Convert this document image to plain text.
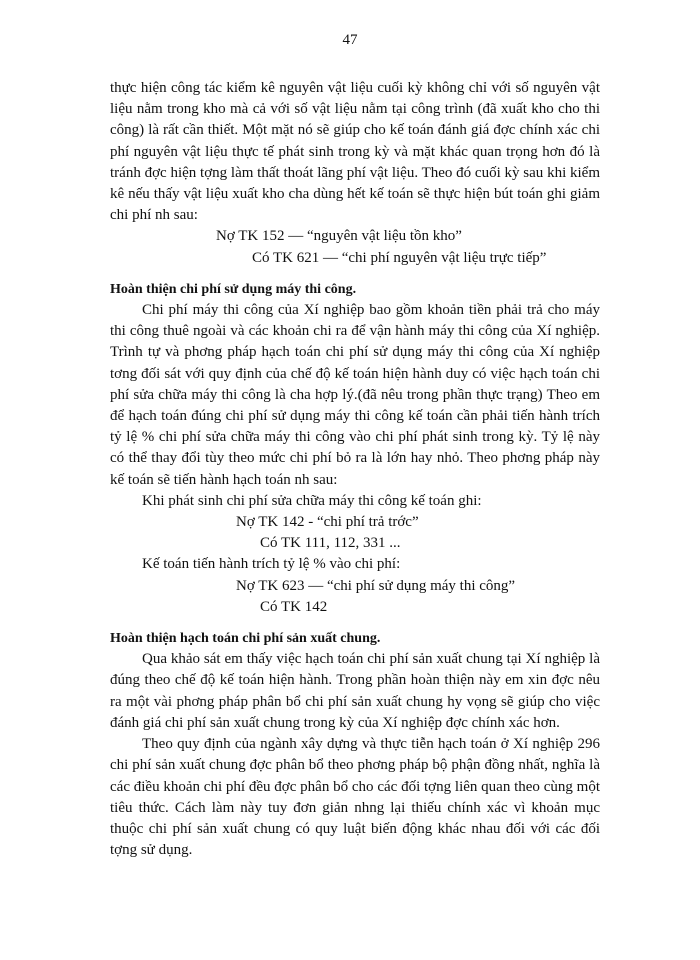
47

thực hiện công tác kiểm kê nguyên vật liệu cuối kỳ không chỉ với số nguyên vật liệu nằm trong kho mà cả với số vật liệu nằm tại công trình (đã xuất kho cho thi công) là rất cần thiết. Một mặt nó sẽ giúp cho kế toán đánh giá đợc chính xác chi phí nguyên vật liệu thực tế phát sinh trong kỳ và mặt khác quan trọng hơn đó là tránh đợc hiện tợng làm thất thoát lãng phí vật liệu. Theo đó cuối kỳ sau khi kiểm kê nếu thấy vật liệu xuất kho cha dùng hết kế toán sẽ thực hiện bút toán ghi giảm chi phí nh sau:

Nợ TK 152 — “nguyên vật liệu tồn kho”

Có TK 621 — “chi phí nguyên vật liệu trực tiếp”

Hoàn thiện chi phí sử dụng máy thi công.

Chi phí máy thi công của Xí nghiệp bao gồm khoản tiền phải trả cho máy thi công thuê ngoài và các khoản chi ra để vận hành máy thi công của Xí nghiệp. Trình tự và phơng pháp hạch toán chi phí sử dụng máy thi công của Xí nghiệp tơng đối sát với quy định của chế độ kế toán hiện hành duy có việc hạch toán chi phí sửa chữa máy thi công là cha hợp lý.(đã nêu trong phần thực trạng) Theo em để hạch toán đúng chi phí sử dụng máy thi công kế toán cần phải tiến hành trích tỷ lệ % chi phí sửa chữa máy thi công vào chi phí phát sinh trong kỳ. Tỷ lệ này có thể thay đổi tùy theo mức chi phí bỏ ra là lớn hay nhỏ. Theo phơng pháp này kế toán sẽ tiến hành hạch toán nh sau:

Khi phát sinh chi phí sửa chữa máy thi công kế toán ghi:

Nợ TK 142 - “chi phí trả trớc”

Có TK 111, 112, 331 ...

Kế toán tiến hành trích tỷ lệ % vào chi phí:

Nợ TK 623 — “chi phí sử dụng máy thi công”

Có TK 142

Hoàn thiện hạch toán chi phí sản xuất chung.

Qua khảo sát em thấy việc hạch toán chi phí sản xuất chung tại Xí nghiệp là đúng theo chế độ kế toán hiện hành. Trong phần hoàn thiện này em xin đợc nêu ra một vài phơng pháp phân bổ chi phí sản xuất chung hy vọng sẽ giúp cho việc đánh giá chi phí sản xuất chung trong kỳ của Xí nghiệp đợc chính xác hơn.

Theo quy định của ngành xây dựng và thực tiễn hạch toán ở Xí nghiệp 296 chi phí sản xuất chung đợc phân bổ theo phơng pháp bộ phận đồng nhất, nghĩa là các điều khoản chi phí đều đợc phân bổ cho các đối tợng liên quan theo cùng một tiêu thức. Cách làm này tuy đơn giản nhng lại thiếu chính xác vì khoản mục thuộc chi phí sản xuất chung có quy luật biến động khác nhau đối với các đối tợng sử dụng.
